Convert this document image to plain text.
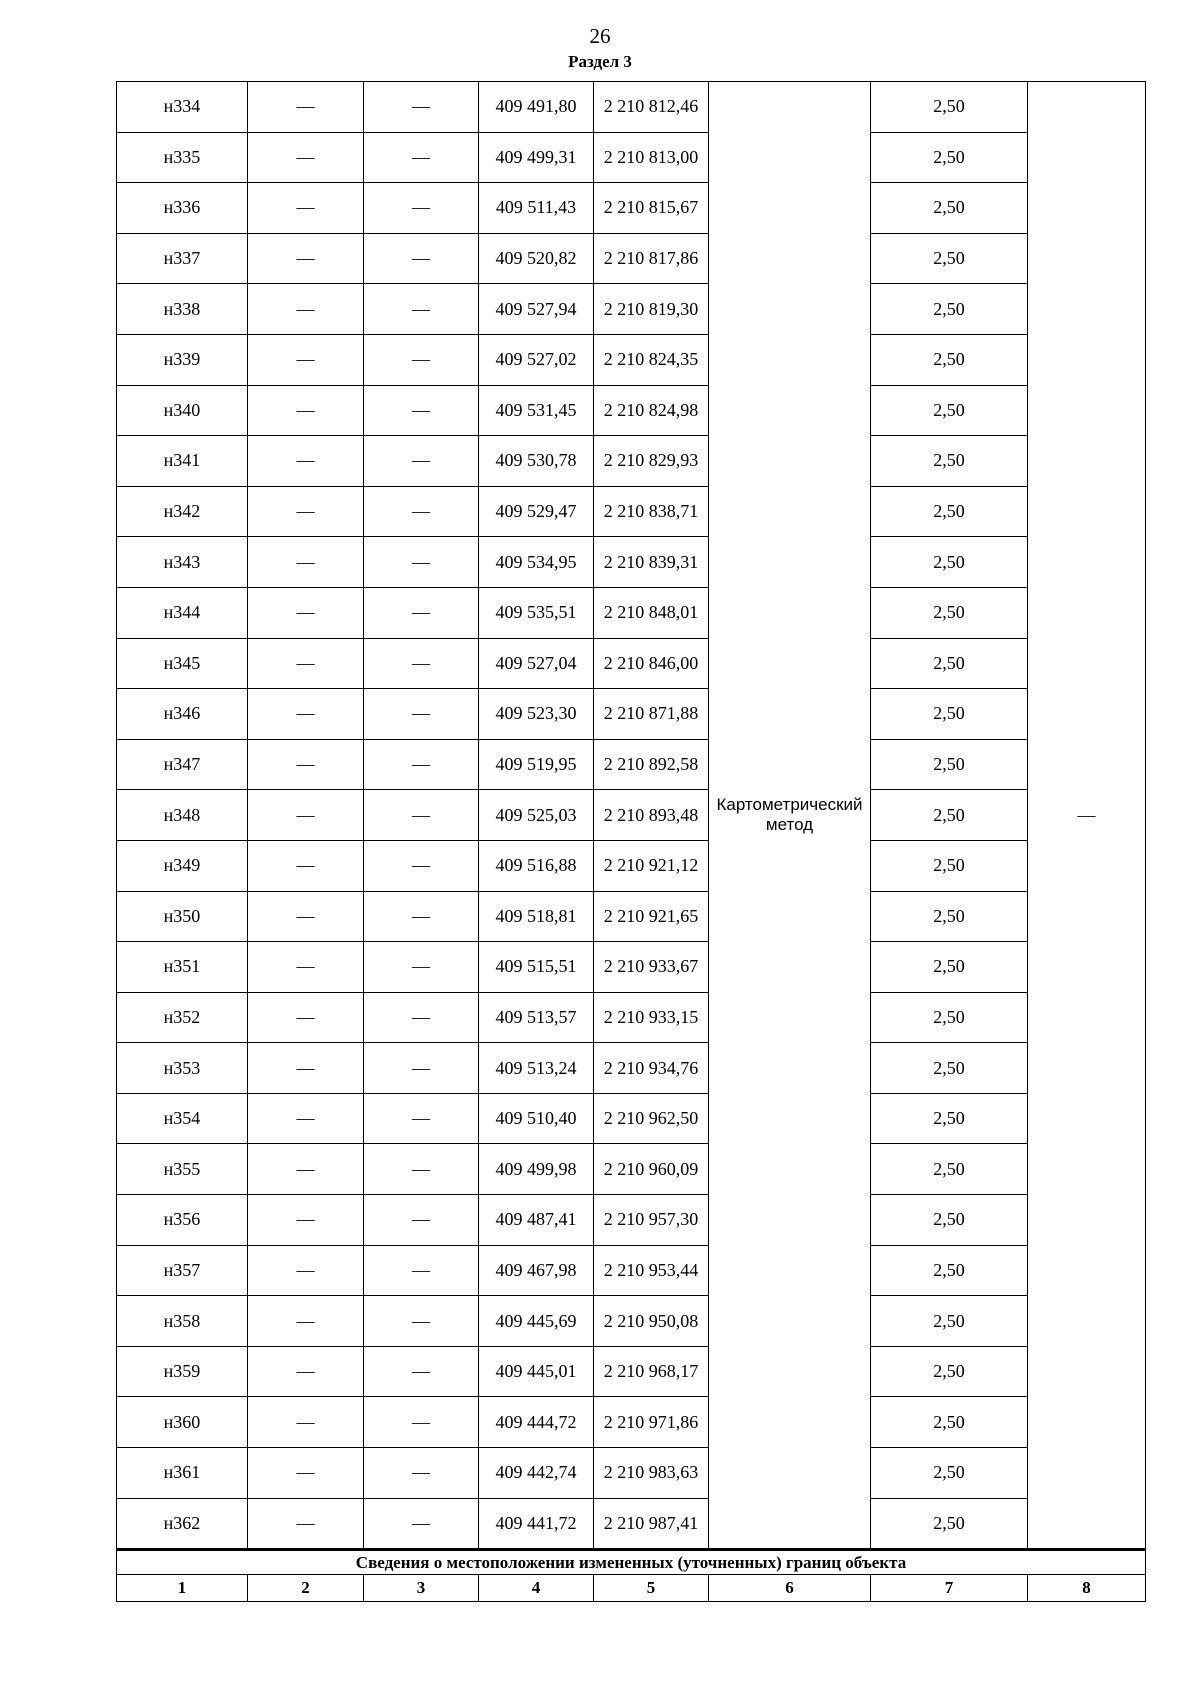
26
Раздел 3
н334	—	—	409 491,80	2 210 812,46	Картометрический метод	2,50	—
н335	—	—	409 499,31	2 210 813,00		2,50	
н336	—	—	409 511,43	2 210 815,67		2,50	
н337	—	—	409 520,82	2 210 817,86		2,50	
н338	—	—	409 527,94	2 210 819,30		2,50	
н339	—	—	409 527,02	2 210 824,35		2,50	
н340	—	—	409 531,45	2 210 824,98		2,50	
н341	—	—	409 530,78	2 210 829,93		2,50	
н342	—	—	409 529,47	2 210 838,71		2,50	
н343	—	—	409 534,95	2 210 839,31		2,50	
н344	—	—	409 535,51	2 210 848,01		2,50	
н345	—	—	409 527,04	2 210 846,00		2,50	
н346	—	—	409 523,30	2 210 871,88		2,50	
н347	—	—	409 519,95	2 210 892,58		2,50	
н348	—	—	409 525,03	2 210 893,48		2,50	
н349	—	—	409 516,88	2 210 921,12		2,50	
н350	—	—	409 518,81	2 210 921,65		2,50	
н351	—	—	409 515,51	2 210 933,67		2,50	
н352	—	—	409 513,57	2 210 933,15		2,50	
н353	—	—	409 513,24	2 210 934,76		2,50	
н354	—	—	409 510,40	2 210 962,50		2,50	
н355	—	—	409 499,98	2 210 960,09		2,50	
н356	—	—	409 487,41	2 210 957,30		2,50	
н357	—	—	409 467,98	2 210 953,44		2,50	
н358	—	—	409 445,69	2 210 950,08		2,50	
н359	—	—	409 445,01	2 210 968,17		2,50	
н360	—	—	409 444,72	2 210 971,86		2,50	
н361	—	—	409 442,74	2 210 983,63		2,50	
н362	—	—	409 441,72	2 210 987,41		2,50	
Сведения о местоположении измененных (уточненных) границ объекта							
1	2	3	4	5	6	7	8
